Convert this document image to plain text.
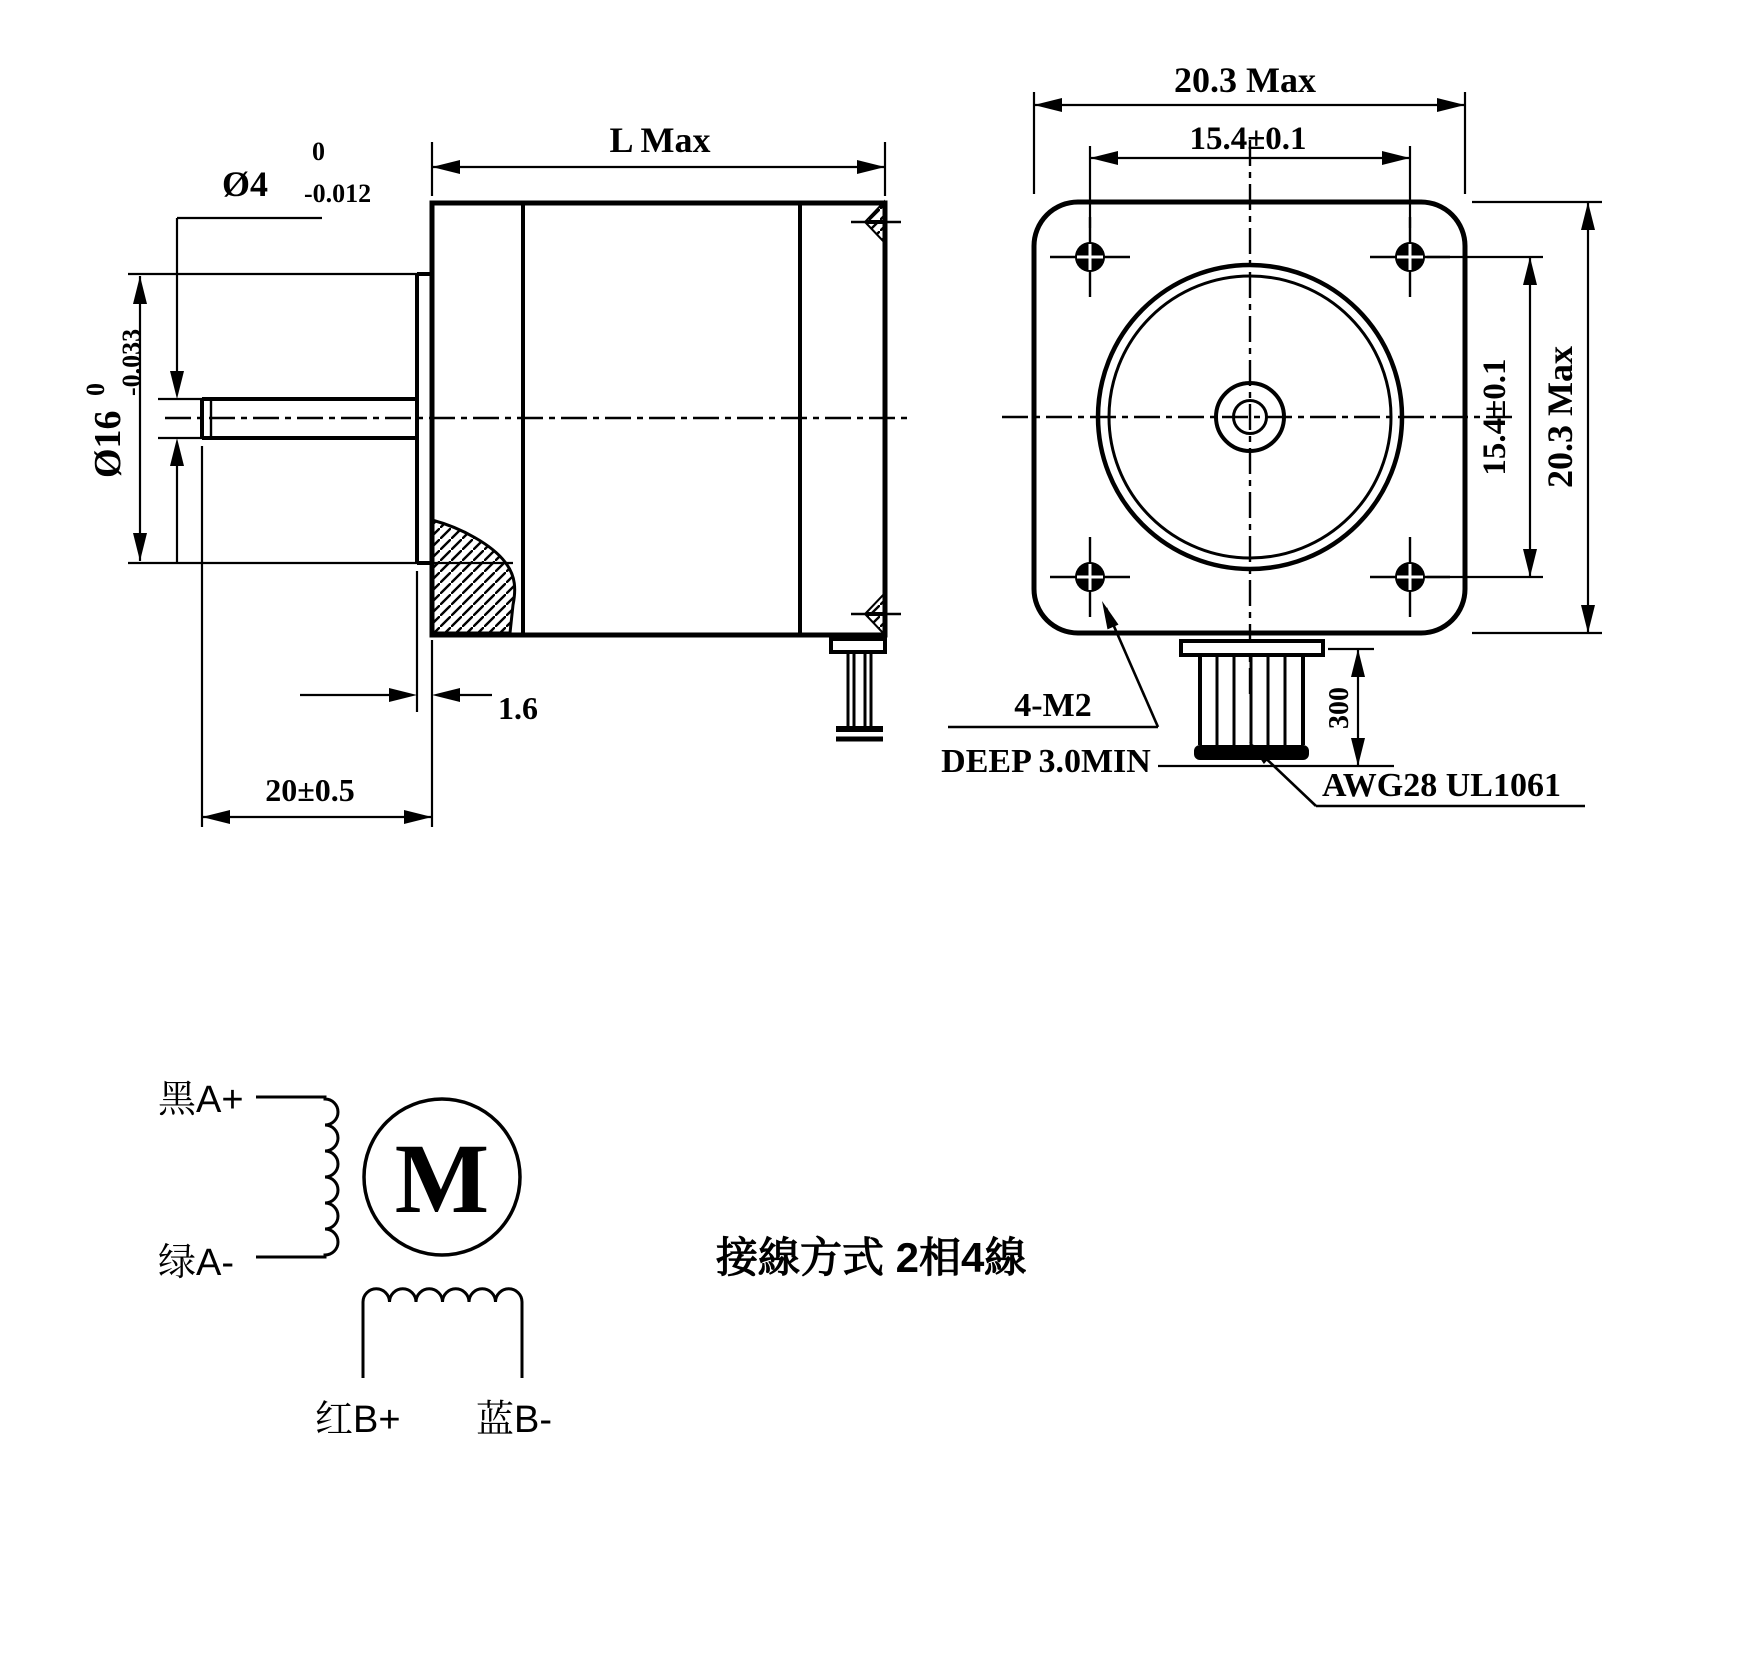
Ø4
0
-0.012
Ø16
0 -0.033
L Max
1.6
20±0.5
20.3 Max
15.4±0.1
15.4±0.1 20.3 Max
300
4-M2
DEEP 3.0MIN
AWG28 UL1061
M
黑A+
绿A-
红B+ 蓝B-
接線方式 2相4線
